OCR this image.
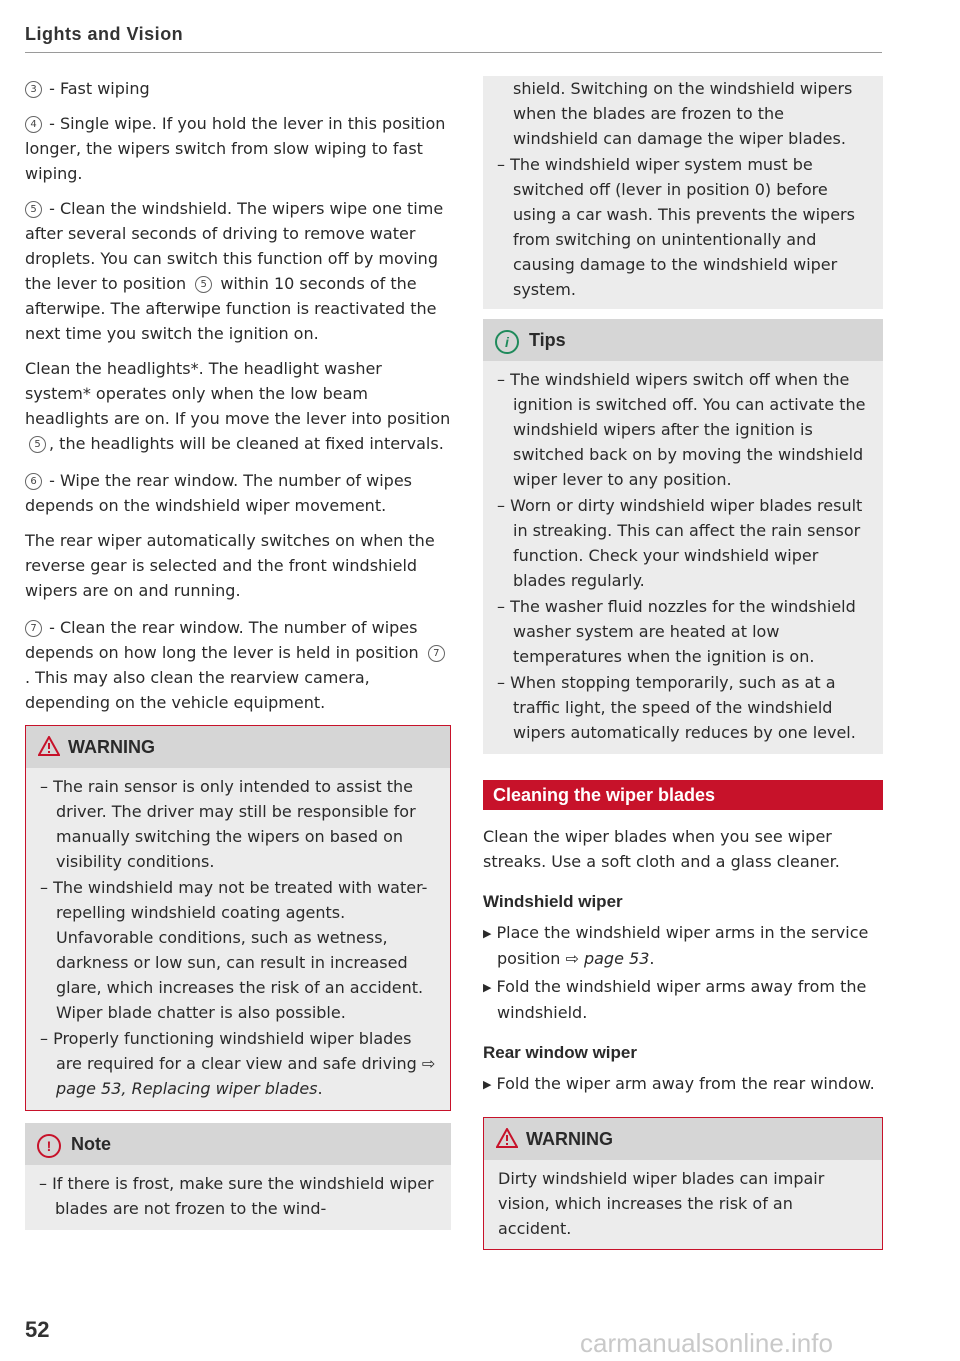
Lights and Vision
3 - Fast wiping
4 - Single wipe. If you hold the lever in this position longer, the wipers switch from slow wiping to fast wiping.
5 - Clean the windshield. The wipers wipe one time after several seconds of driving to remove water droplets. You can switch this function off by moving the lever to position 5 within 10 seconds of the afterwipe. The afterwipe function is reactivated the next time you switch the ignition on.

Clean the headlights*. The headlight washer system* operates only when the low beam headlights are on. If you move the lever into position 5 , the headlights will be cleaned at fixed intervals.

6 - Wipe the rear window. The number of wipes depends on the windshield wiper movement.

The rear wiper automatically switches on when the reverse gear is selected and the front windshield wipers are on and running.

7 - Clean the rear window. The number of wipes depends on how long the lever is held in position 7. This may also clean the rearview camera, depending on the vehicle equipment.
WARNING

– The rain sensor is only intended to assist the driver. The driver may still be responsible for manually switching the wipers on based on visibility conditions.

– The windshield may not be treated with water-repelling windshield coating agents. Unfavorable conditions, such as wetness, darkness or low sun, can result in increased glare, which increases the risk of an accident. Wiper blade chatter is also possible.

– Properly functioning windshield wiper blades are required for a clear view and safe driving ⇨ page 53, Replacing wiper blades.

! Note

– If there is frost, make sure the windshield wiper blades are not frozen to the wind-

52

shield. Switching on the windshield wipers when the blades are frozen to the windshield can damage the wiper blades.

– The windshield wiper system must be switched off (lever in position 0) before using a car wash. This prevents the wipers from switching on unintentionally and causing damage to the windshield wiper system.

i Tips

– The windshield wipers switch off when the ignition is switched off. You can activate the windshield wipers after the ignition is switched back on by moving the windshield wiper lever to any position.

– Worn or dirty windshield wiper blades result in streaking. This can affect the rain sensor function. Check your windshield wiper blades regularly.

– The washer fluid nozzles for the windshield washer system are heated at low temperatures when the ignition is on.

– When stopping temporarily, such as at a traffic light, the speed of the windshield wipers automatically reduces by one level.

Cleaning the wiper blades

Clean the wiper blades when you see wiper streaks. Use a soft cloth and a glass cleaner.

Windshield wiper

▶ Place the windshield wiper arms in the service position ⇨ page 53.

▶ Fold the windshield wiper arms away from the windshield.

Rear window wiper

▶ Fold the wiper arm away from the rear window.

WARNING

Dirty windshield wiper blades can impair vision, which increases the risk of an accident.

carmanualsonline.info
